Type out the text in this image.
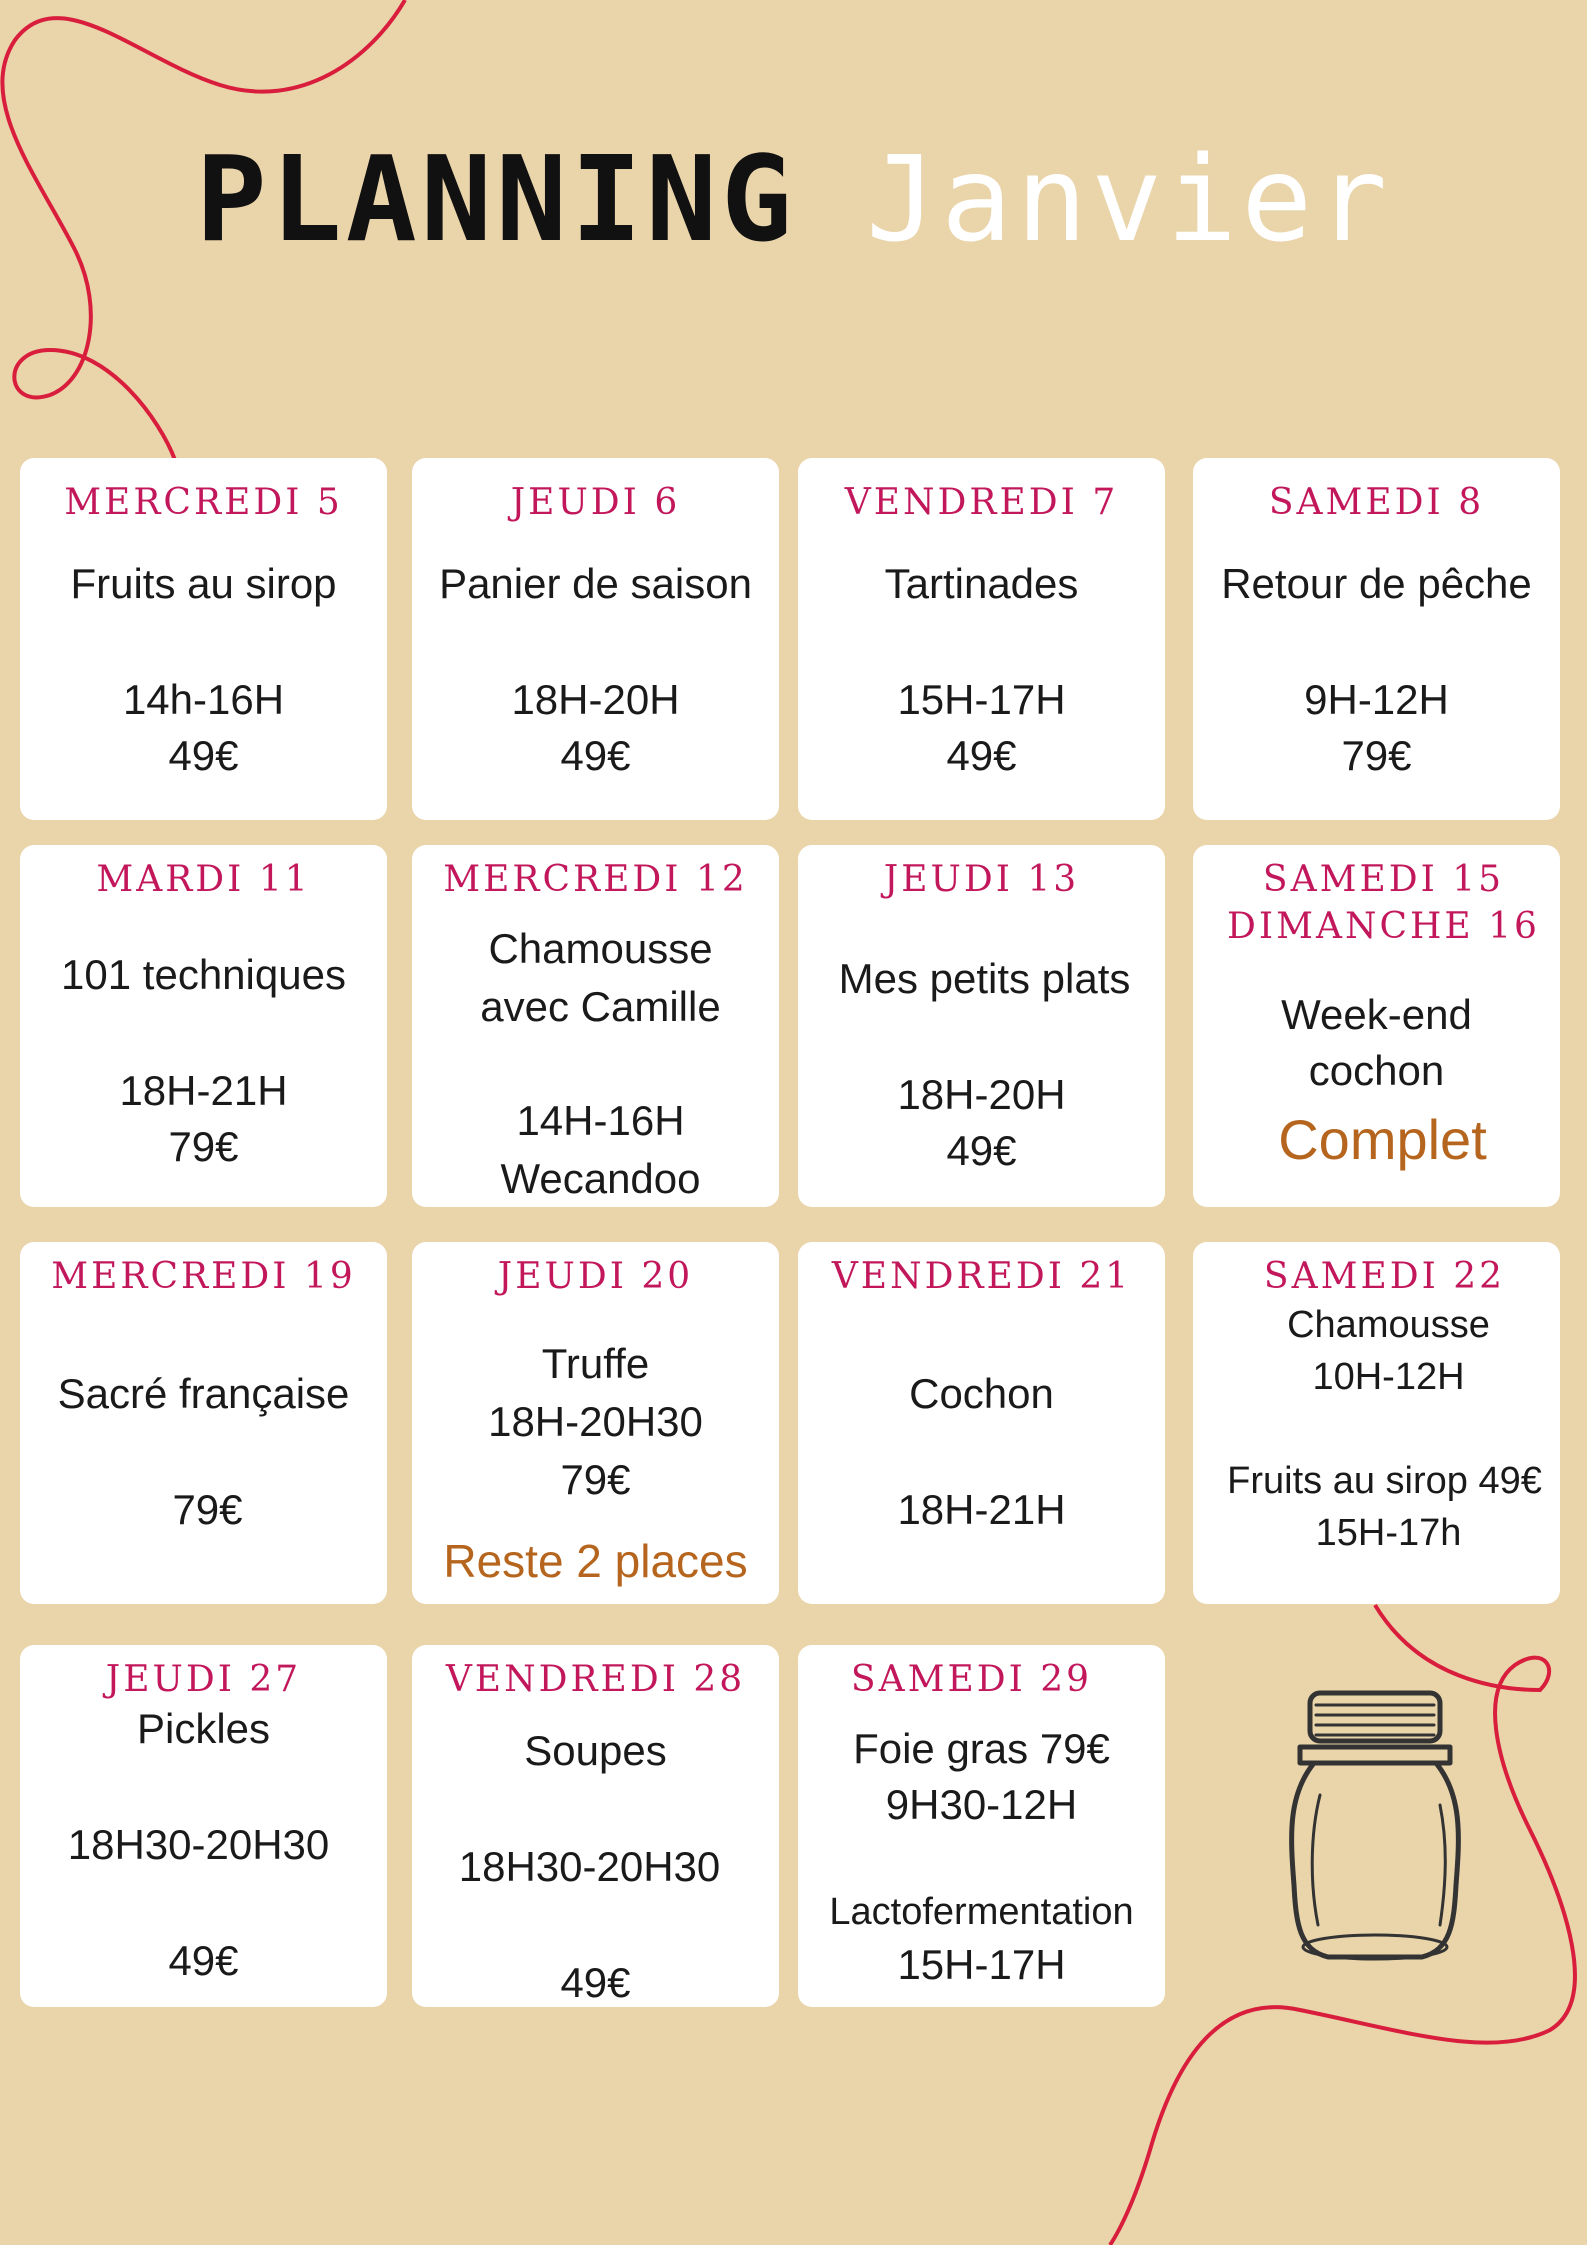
PLANNING Janvier
MERCREDI 5
Fruits au sirop
14h-16H
49€
JEUDI 6
Panier de saison
18H-20H
49€
VENDREDI 7
Tartinades
15H-17H
49€
SAMEDI 8
Retour de pêche
9H-12H
79€
MARDI 11
101 techniques
18H-21H
79€
MERCREDI 12
Chamousse
avec Camille
14H-16H
Wecandoo
JEUDI 13
Mes petits plats
18H-20H
49€
SAMEDI 15
DIMANCHE 16
Week-end
cochon
Complet
MERCREDI 19
Sacré française
79€
JEUDI 20
Truffe
18H-20H30
79€
Reste 2 places
VENDREDI 21
Cochon
18H-21H
SAMEDI 22
Chamousse
10H-12H
Fruits au sirop 49€
15H-17h
JEUDI 27
Pickles
18H30-20H30
49€
VENDREDI 28
Soupes
18H30-20H30
49€
SAMEDI 29
Foie gras 79€
9H30-12H
Lactofermentation
15H-17H
